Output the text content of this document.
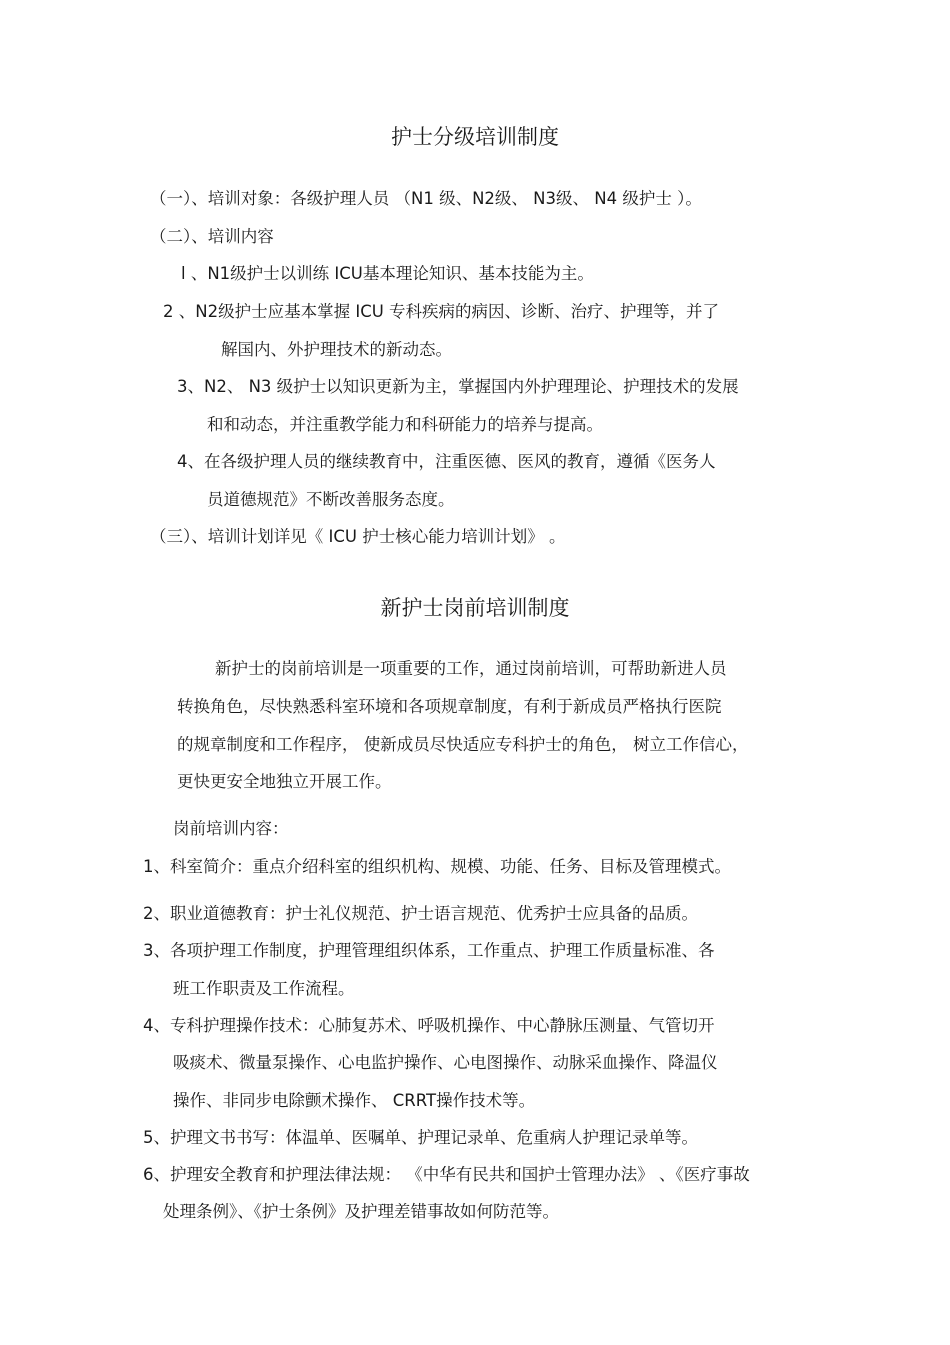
护士分级培训制度
（一）、培训对象：各级护理人员 （N1 级、N2级、 N3级、 N4 级护士 ）。
（二）、培训内容
l 、N1级护士以训练 ICU基本理论知识、基本技能为主。
2 、N2级护士应基本掌握 ICU 专科疾病的病因、诊断、治疗、护理等，并了
解国内、外护理技术的新动态。
3、N2、 N3 级护士以知识更新为主，掌握国内外护理理论、护理技术的发展
和和动态，并注重教学能力和科研能力的培养与提高。
4、在各级护理人员的继续教育中，注重医德、医风的教育，遵循《医务人
员道德规范》不断改善服务态度。
（三）、培训计划详见《 ICU 护士核心能力培训计划》 。
新护士岗前培训制度
新护士的岗前培训是一项重要的工作，通过岗前培训，可帮助新进人员
转换角色，尽快熟悉科室环境和各项规章制度，有利于新成员严格执行医院
的规章制度和工作程序， 使新成员尽快适应专科护士的角色， 树立工作信心，
更快更安全地独立开展工作。
岗前培训内容：
1、科室简介：重点介绍科室的组织机构、规模、功能、任务、目标及管理模式。
2、职业道德教育：护士礼仪规范、护士语言规范、优秀护士应具备的品质。
3、各项护理工作制度，护理管理组织体系，工作重点、护理工作质量标准、各
班工作职责及工作流程。
4、专科护理操作技术：心肺复苏术、呼吸机操作、中心静脉压测量、气管切开
吸痰术、微量泵操作、心电监护操作、心电图操作、动脉采血操作、降温仪
操作、非同步电除颤术操作、 CRRT操作技术等。
5、护理文书书写：体温单、医嘱单、护理记录单、危重病人护理记录单等。
6、护理安全教育和护理法律法规： 《中华有民共和国护士管理办法》 、《医疗事故
处理条例》、《护士条例》及护理差错事故如何防范等。
